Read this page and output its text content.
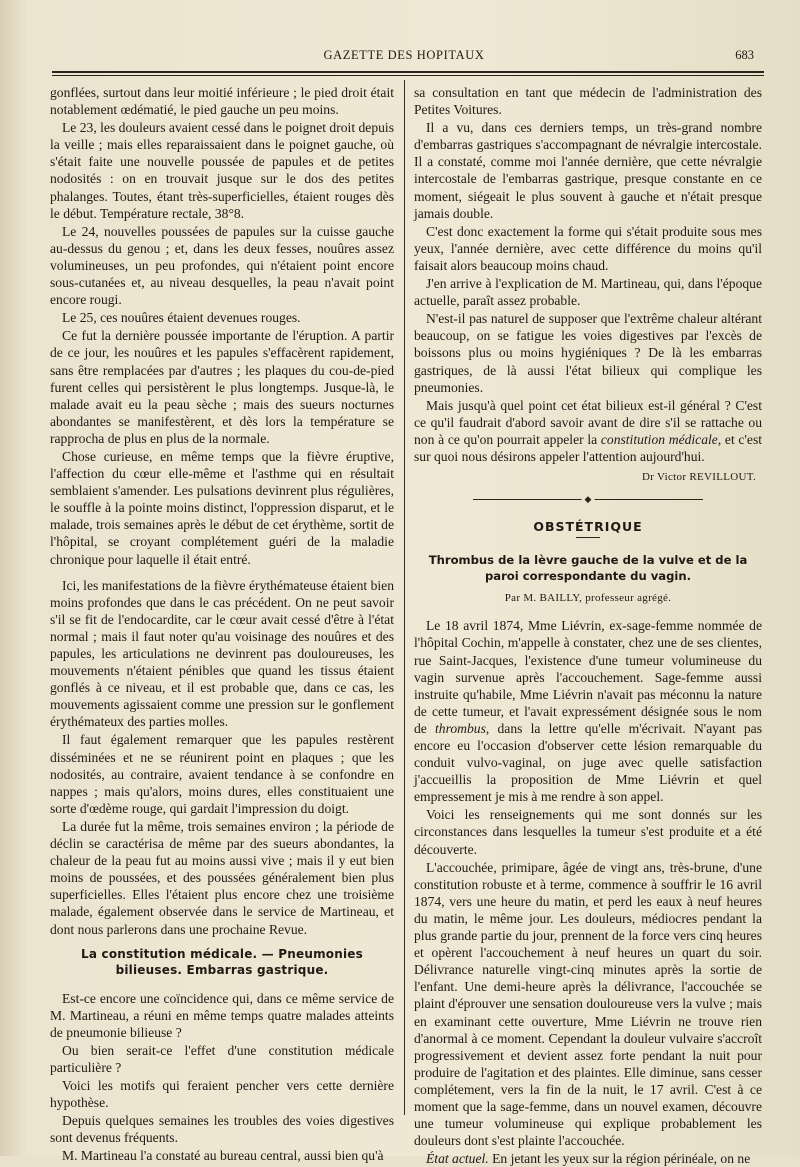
GAZETTE DES HOPITAUX	683

gonflées, surtout dans leur moitié inférieure ; le pied droit était notablement œdématié, le pied gauche un peu moins.

Le 23, les douleurs avaient cessé dans le poignet droit depuis la veille ; mais elles reparaissaient dans le poignet gauche, où s'était faite une nouvelle poussée de papules et de petites nodosités : on en trouvait jusque sur le dos des petites phalanges. Toutes, étant très-superficielles, étaient rouges dès le début. Température rectale, 38°8.

Le 24, nouvelles poussées de papules sur la cuisse gauche au-dessus du genou ; et, dans les deux fesses, nouûres assez volumineuses, un peu profondes, qui n'étaient point encore sous-cutanées et, au niveau desquelles, la peau n'avait point encore rougi.

Le 25, ces nouûres étaient devenues rouges.

Ce fut la dernière poussée importante de l'éruption. A partir de ce jour, les nouûres et les papules s'effacèrent rapidement, sans être remplacées par d'autres ; les plaques du cou-de-pied furent celles qui persistèrent le plus longtemps. Jusque-là, le malade avait eu la peau sèche ; mais des sueurs nocturnes abondantes se manifestèrent, et dès lors la température se rapprocha de plus en plus de la normale.

Chose curieuse, en même temps que la fièvre éruptive, l'affection du cœur elle-même et l'asthme qui en résultait semblaient s'amender. Les pulsations devinrent plus régulières, le souffle à la pointe moins distinct, l'oppression disparut, et le malade, trois semaines après le début de cet érythème, sortit de l'hôpital, se croyant complétement guéri de la maladie chronique pour laquelle il était entré.

Ici, les manifestations de la fièvre érythémateuse étaient bien moins profondes que dans le cas précédent. On ne peut savoir s'il se fit de l'endocardite, car le cœur avait cessé d'être à l'état normal ; mais il faut noter qu'au voisinage des nouûres et des papules, les articulations ne devinrent pas douloureuses, les mouvements n'étaient pénibles que quand les tissus étaient gonflés à ce niveau, et il est probable que, dans ce cas, les mouvements agissaient comme une pression sur le gonflement érythémateux des parties molles.

Il faut également remarquer que les papules restèrent disséminées et ne se réunirent point en plaques ; que les nodosités, au contraire, avaient tendance à se confondre en nappes ; mais qu'alors, moins dures, elles constituaient une sorte d'œdème rouge, qui gardait l'impression du doigt.

La durée fut la même, trois semaines environ ; la période de déclin se caractérisa de même par des sueurs abondantes, la chaleur de la peau fut au moins aussi vive ; mais il y eut bien moins de poussées, et des poussées généralement bien plus superficielles. Elles l'étaient plus encore chez une troisième malade, également observée dans le service de Martineau, et dont nous parlerons dans une prochaine Revue.

La constitution médicale. — Pneumonies bilieuses. Embarras gastrique.

Est-ce encore une coïncidence qui, dans ce même service de M. Martineau, a réuni en même temps quatre malades atteints de pneumonie bilieuse ?

Ou bien serait-ce l'effet d'une constitution médicale particulière ?

Voici les motifs qui feraient pencher vers cette dernière hypothèse.

Depuis quelques semaines les troubles des voies digestives sont devenus fréquents.

M. Martineau l'a constaté au bureau central, aussi bien qu'à

sa consultation en tant que médecin de l'administration des Petites Voitures.

Il a vu, dans ces derniers temps, un très-grand nombre d'embarras gastriques s'accompagnant de névralgie intercostale. Il a constaté, comme moi l'année dernière, que cette névralgie intercostale de l'embarras gastrique, presque constante en ce moment, siégeait le plus souvent à gauche et n'était presque jamais double.

C'est donc exactement la forme qui s'était produite sous mes yeux, l'année dernière, avec cette différence du moins qu'il faisait alors beaucoup moins chaud.

J'en arrive à l'explication de M. Martineau, qui, dans l'époque actuelle, paraît assez probable.

N'est-il pas naturel de supposer que l'extrême chaleur altérant beaucoup, on se fatigue les voies digestives par l'excès de boissons plus ou moins hygiéniques ? De là les embarras gastriques, de là aussi l'état bilieux qui complique les pneumonies.

Mais jusqu'à quel point cet état bilieux est-il général ? C'est ce qu'il faudrait d'abord savoir avant de dire s'il se rattache ou non à ce qu'on pourrait appeler la constitution médicale, et c'est sur quoi nous désirons appeler l'attention aujourd'hui.

Dr Victor REVILLOUT.
◆
OBSTÉTRIQUE
Thrombus de la lèvre gauche de la vulve et de la paroi correspondante du vagin.
Par M. BAILLY, professeur agrégé.

Le 18 avril 1874, Mme Liévrin, ex-sage-femme nommée de l'hôpital Cochin, m'appelle à constater, chez une de ses clientes, rue Saint-Jacques, l'existence d'une tumeur volumineuse du vagin survenue après l'accouchement. Sage-femme aussi instruite qu'habile, Mme Liévrin n'avait pas méconnu la nature de cette tumeur, et l'avait expressément désignée sous le nom de thrombus, dans la lettre qu'elle m'écrivait. N'ayant pas encore eu l'occasion d'observer cette lésion remarquable du conduit vulvo-vaginal, on juge avec quelle satisfaction j'accueillis la proposition de Mme Liévrin et quel empressement je mis à me rendre à son appel.

Voici les renseignements qui me sont donnés sur les circonstances dans lesquelles la tumeur s'est produite et a été découverte.

L'accouchée, primipare, âgée de vingt ans, très-brune, d'une constitution robuste et à terme, commence à souffrir le 16 avril 1874, vers une heure du matin, et perd les eaux à neuf heures du matin, le même jour. Les douleurs, médiocres pendant la plus grande partie du jour, prennent de la force vers cinq heures et opèrent l'accouchement à neuf heures un quart du soir. Délivrance naturelle vingt-cinq minutes après la sortie de l'enfant. Une demi-heure après la délivrance, l'accouchée se plaint d'éprouver une sensation douloureuse vers la vulve ; mais en examinant cette ouverture, Mme Liévrin ne trouve rien d'anormal à ce moment. Cependant la douleur vulvaire s'accroît progressivement et devient assez forte pendant la nuit pour produire de l'agitation et des plaintes. Elle diminue, sans cesser complétement, vers la fin de la nuit, le 17 avril. C'est à ce moment que la sage-femme, dans un nouvel examen, découvre une tumeur volumineuse qui explique probablement les douleurs dont s'est plainte l'accouchée.

État actuel. En jetant les yeux sur la région périnéale, on ne
